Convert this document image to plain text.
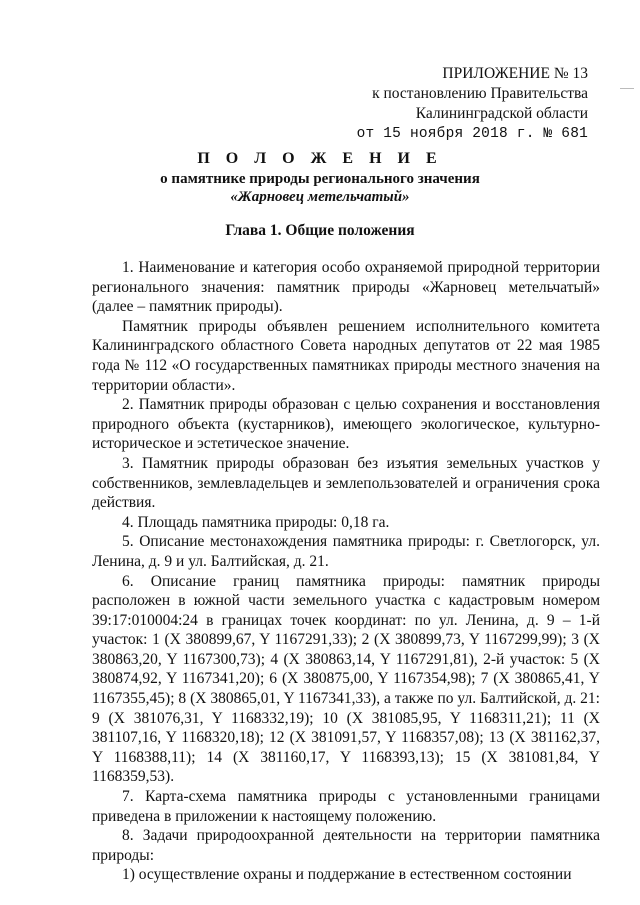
ПРИЛОЖЕНИЕ № 13
к постановлению Правительства
Калининградской области
от 15 ноября 2018 г. № 681
П О Л О Ж Е Н И Е
о памятнике природы регионального значения
«Жарновец метельчатый»
Глава 1. Общие положения

1. Наименование и категория особо охраняемой природной территории регионального значения: памятник природы «Жарновец метельчатый» (далее – памятник природы).

Памятник природы объявлен решением исполнительного комитета Калининградского областного Совета народных депутатов от 22 мая 1985 года № 112 «О государственных памятниках природы местного значения на территории области».

2. Памятник природы образован с целью сохранения и восстановления природного объекта (кустарников), имеющего экологическое, культурно-историческое и эстетическое значение.

3. Памятник природы образован без изъятия земельных участков у собственников, землевладельцев и землепользователей и ограничения срока действия.

4. Площадь памятника природы: 0,18 га.

5. Описание местонахождения памятника природы: г. Светлогорск, ул. Ленина, д. 9 и ул. Балтийская, д. 21.

6. Описание границ памятника природы: памятник природы расположен в южной части земельного участка с кадастровым номером 39:17:010004:24 в границах точек координат: по ул. Ленина, д. 9 – 1-й участок: 1 (X 380899,67, Y 1167291,33); 2 (X 380899,73, Y 1167299,99); 3 (X 380863,20, Y 1167300,73); 4 (X 380863,14, Y 1167291,81), 2-й участок: 5 (X 380874,92, Y 1167341,20); 6 (X 380875,00, Y 1167354,98); 7 (X 380865,41, Y 1167355,45); 8 (X 380865,01, Y 1167341,33), а также по ул. Балтийской, д. 21: 9 (X 381076,31, Y 1168332,19); 10 (X 381085,95, Y 1168311,21); 11 (X 381107,16, Y 1168320,18); 12 (X 381091,57, Y 1168357,08); 13 (X 381162,37, Y 1168388,11); 14 (X 381160,17, Y 1168393,13); 15 (X 381081,84, Y 1168359,53).

7. Карта-схема памятника природы с установленными границами приведена в приложении к настоящему положению.

8. Задачи природоохранной деятельности на территории памятника природы:

1) осуществление охраны и поддержание в естественном состоянии
